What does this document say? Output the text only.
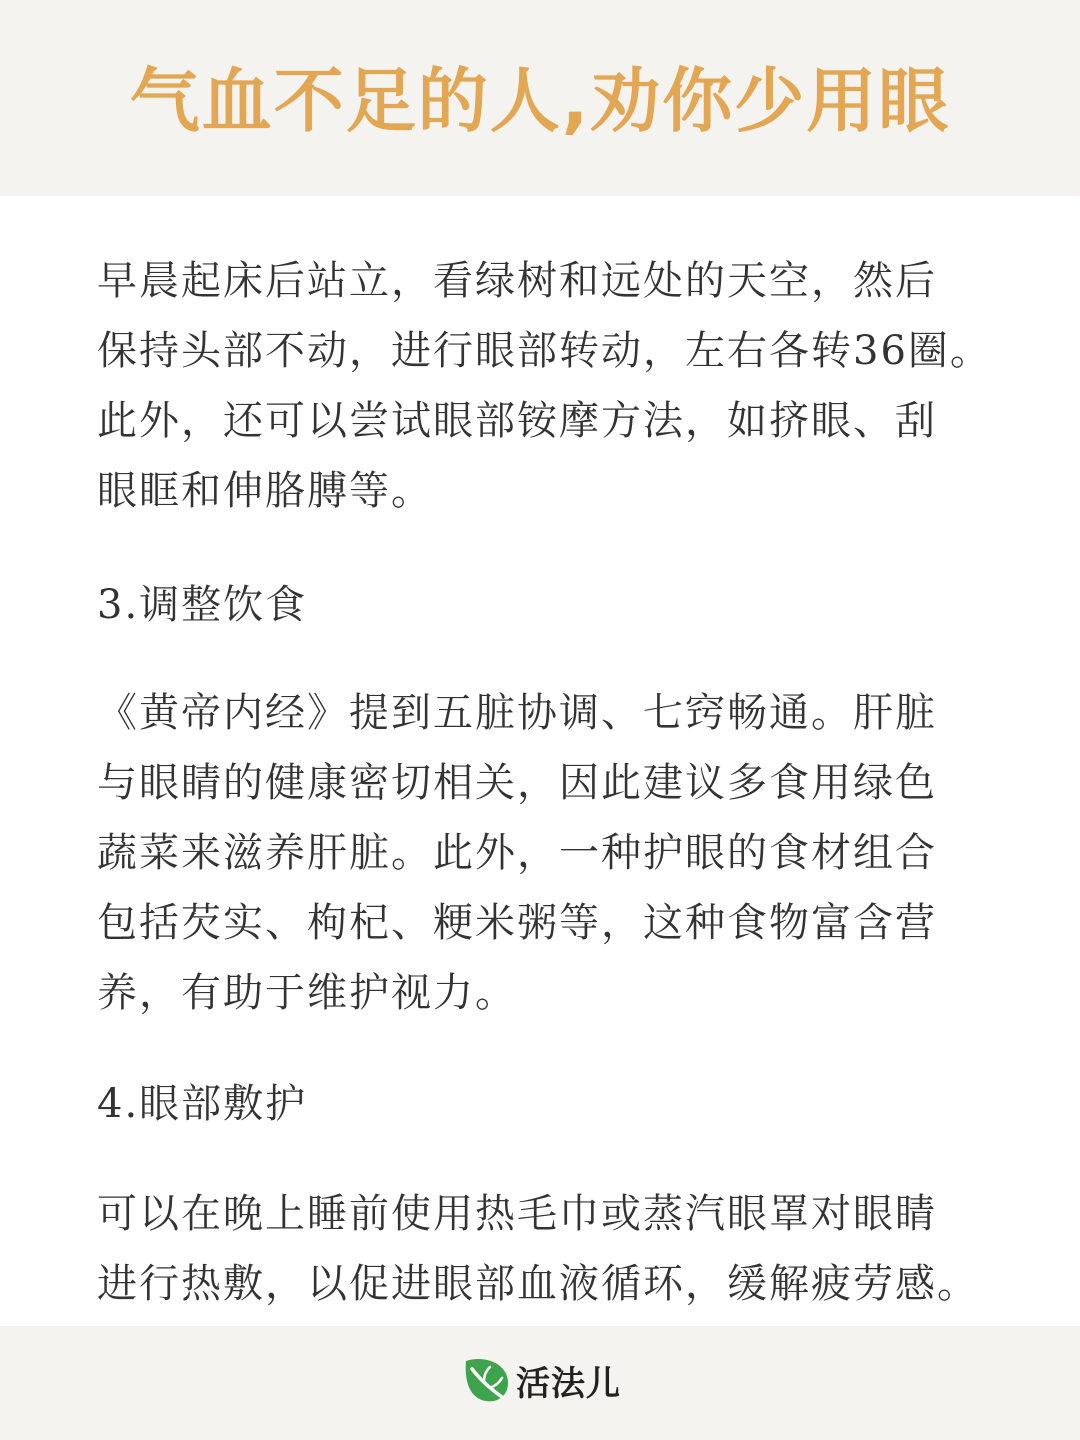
气血不足的人,劝你少用眼

早晨起床后站立，看绿树和远处的天空，然后
保持头部不动，进行眼部转动，左右各转36圈。
此外，还可以尝试眼部铵摩方法，如挤眼、刮
眼眶和伸胳膊等。

3.调整饮食

《黄帝内经》提到五脏协调、七窍畅通。肝脏
与眼睛的健康密切相关，因此建议多食用绿色
蔬菜来滋养肝脏。此外，一种护眼的食材组合
包括芡实、枸杞、粳米粥等，这种食物富含营
养，有助于维护视力。

4.眼部敷护

可以在晚上睡前使用热毛巾或蒸汽眼罩对眼睛
进行热敷，以促进眼部血液循环，缓解疲劳感。

活法儿
